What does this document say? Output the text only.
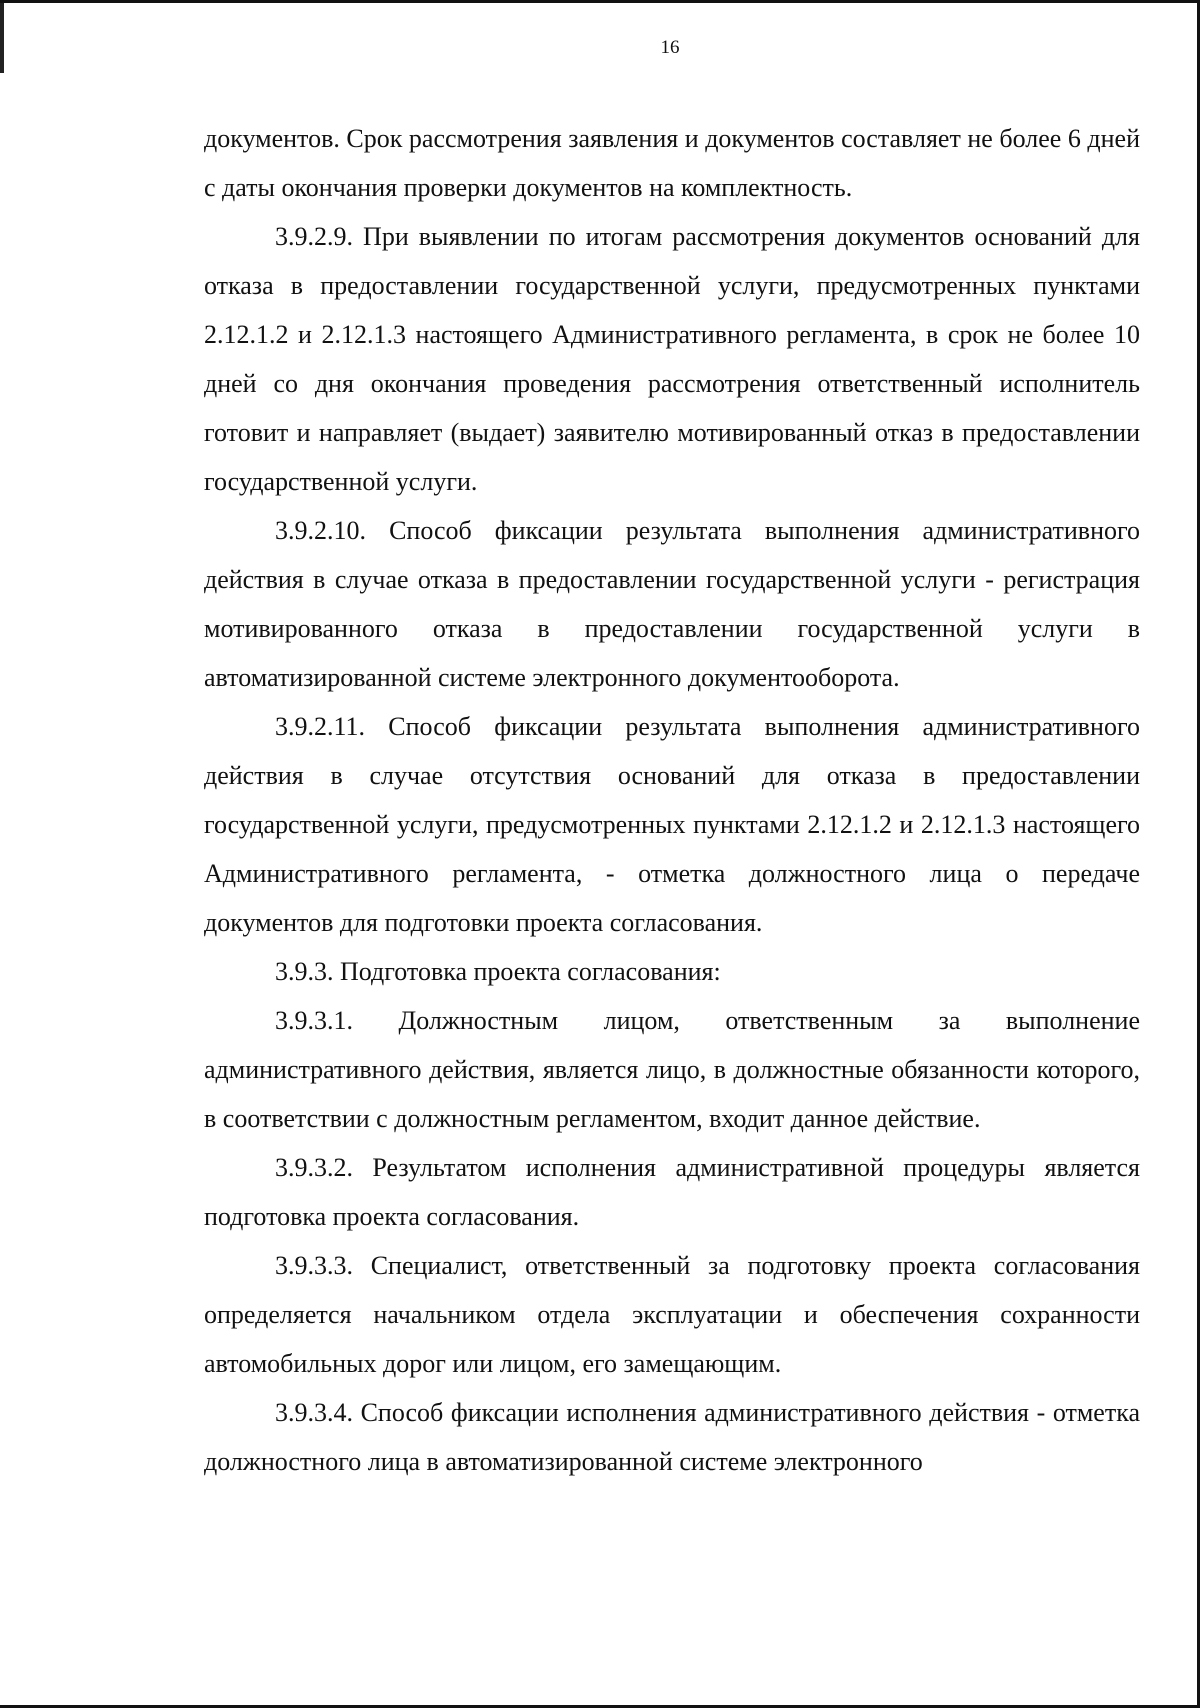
16

документов. Срок рассмотрения заявления и документов составляет не более 6 дней с даты окончания проверки документов на комплектность.

3.9.2.9. При выявлении по итогам рассмотрения документов оснований для отказа в предоставлении государственной услуги, предусмотренных пунктами 2.12.1.2 и 2.12.1.3 настоящего Административного регламента, в срок не более 10 дней со дня окончания проведения рассмотрения ответственный исполнитель готовит и направляет (выдает) заявителю мотивированный отказ в предоставлении государственной услуги.

3.9.2.10. Способ фиксации результата выполнения административного действия в случае отказа в предоставлении государственной услуги - регистрация мотивированного отказа в предоставлении государственной услуги в автоматизированной системе электронного документооборота.

3.9.2.11. Способ фиксации результата выполнения административного действия в случае отсутствия оснований для отказа в предоставлении государственной услуги, предусмотренных пунктами 2.12.1.2 и 2.12.1.3 настоящего Административного регламента, - отметка должностного лица о передаче документов для подготовки проекта согласования.

3.9.3. Подготовка проекта согласования:

3.9.3.1. Должностным лицом, ответственным за выполнение административного действия, является лицо, в должностные обязанности которого, в соответствии с должностным регламентом, входит данное действие.

3.9.3.2. Результатом исполнения административной процедуры является подготовка проекта согласования.

3.9.3.3. Специалист, ответственный за подготовку проекта согласования определяется начальником отдела эксплуатации и обеспечения сохранности автомобильных дорог или лицом, его замещающим.

3.9.3.4. Способ фиксации исполнения административного действия - отметка должностного лица в автоматизированной системе электронного
